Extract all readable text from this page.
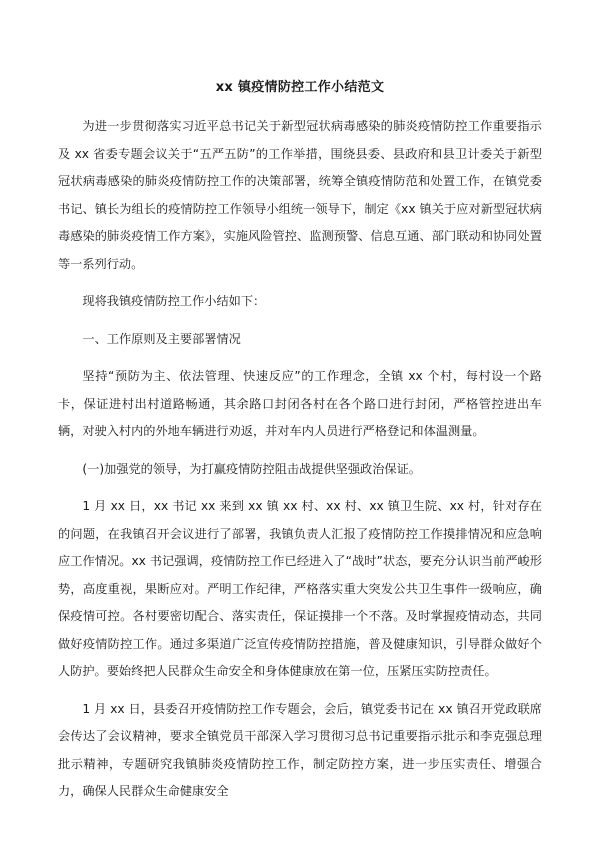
xx 镇疫情防控工作小结范文
为进一步贯彻落实习近平总书记关于新型冠状病毒感染的肺炎疫情防控工作重要指示及 xx 省委专题会议关于“五严五防”的工作举措，围绕县委、县政府和县卫计委关于新型冠状病毒感染的肺炎疫情防控工作的决策部署，统筹全镇疫情防范和处置工作，在镇党委书记、镇长为组长的疫情防控工作领导小组统一领导下，制定《xx 镇关于应对新型冠状病毒感染的肺炎疫情工作方案》，实施风险管控、监测预警、信息互通、部门联动和协同处置等一系列行动。
现将我镇疫情防控工作小结如下：
一、工作原则及主要部署情况
坚持“预防为主、依法管理、快速反应”的工作理念，全镇 xx 个村，每村设一个路卡，保证进村出村道路畅通，其余路口封闭各村在各个路口进行封闭，严格管控进出车辆，对驶入村内的外地车辆进行劝返，并对车内人员进行严格登记和体温测量。
(一)加强党的领导，为打赢疫情防控阻击战提供坚强政治保证。
1 月 xx 日，xx 书记 xx 来到 xx 镇 xx 村、xx 村、xx 镇卫生院、xx 村，针对存在的问题，在我镇召开会议进行了部署，我镇负责人汇报了疫情防控工作摸排情况和应急响应工作情况。xx 书记强调，疫情防控工作已经进入了“战时”状态，要充分认识当前严峻形势，高度重视，果断应对。严明工作纪律，严格落实重大突发公共卫生事件一级响应，确保疫情可控。各村要密切配合、落实责任，保证摸排一个不落。及时掌握疫情动态，共同做好疫情防控工作。通过多渠道广泛宣传疫情防控措施，普及健康知识，引导群众做好个人防护。要始终把人民群众生命安全和身体健康放在第一位，压紧压实防控责任。
1 月 xx 日，县委召开疫情防控工作专题会，会后，镇党委书记在 xx 镇召开党政联席会传达了会议精神，要求全镇党员干部深入学习贯彻习总书记重要指示批示和李克强总理批示精神，专题研究我镇肺炎疫情防控工作，制定防控方案，进一步压实责任、增强合力，确保人民群众生命健康安全
